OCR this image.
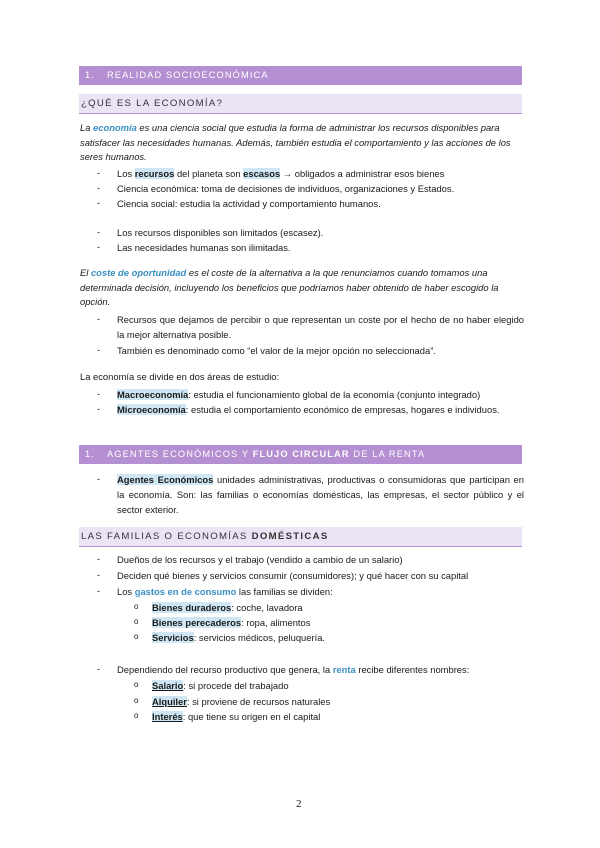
1. REALIDAD SOCIOECONÓMICA
¿QUÉ ES LA ECONOMÍA?
La economía es una ciencia social que estudia la forma de administrar los recursos disponibles para satisfacer las necesidades humanas. Además, también estudia el comportamiento y las acciones de los seres humanos.
- Los recursos del planeta son escasos → obligados a administrar esos bienes
- Ciencia económica: toma de decisiones de individuos, organizaciones y Estados.
- Ciencia social: estudia la actividad y comportamiento humanos.
- Los recursos disponibles son limitados (escasez).
- Las necesidades humanas son ilimitadas.
El coste de oportunidad es el coste de la alternativa a la que renunciamos cuando tomamos una determinada decisión, incluyendo los beneficios que podríamos haber obtenido de haber escogido la opción.
- Recursos que dejamos de percibir o que representan un coste por el hecho de no haber elegido la mejor alternativa posible.
- También es denominado como “el valor de la mejor opción no seleccionada”.
La economía se divide en dos áreas de estudio:
- Macroeconomía: estudia el funcionamiento global de la economía (conjunto integrado)
- Microeconomía: estudia el comportamiento económico de empresas, hogares e individuos.
1. AGENTES ECONÓMICOS Y FLUJO CIRCULAR DE LA RENTA
- Agentes Económicos unidades administrativas, productivas o consumidoras que participan en la economía. Son: las familias o economías domésticas, las empresas, el sector público y el sector exterior.
LAS FAMILIAS O ECONOMÍAS DOMÉSTICAS
- Dueños de los recursos y el trabajo (vendido a cambio de un salario)
- Deciden qué bienes y servicios consumir (consumidores); y qué hacer con su capital
- Los gastos en de consumo las familias se dividen:
o Bienes duraderos: coche, lavadora
o Bienes perecaderos: ropa, alimentos
o Servicios: servicios médicos, peluquería.
- Dependiendo del recurso productivo que genera, la renta recibe diferentes nombres:
o Salario: si procede del trabajado
o Alquiler: si proviene de recursos naturales
o Interés: que tiene su origen en el capital
2
